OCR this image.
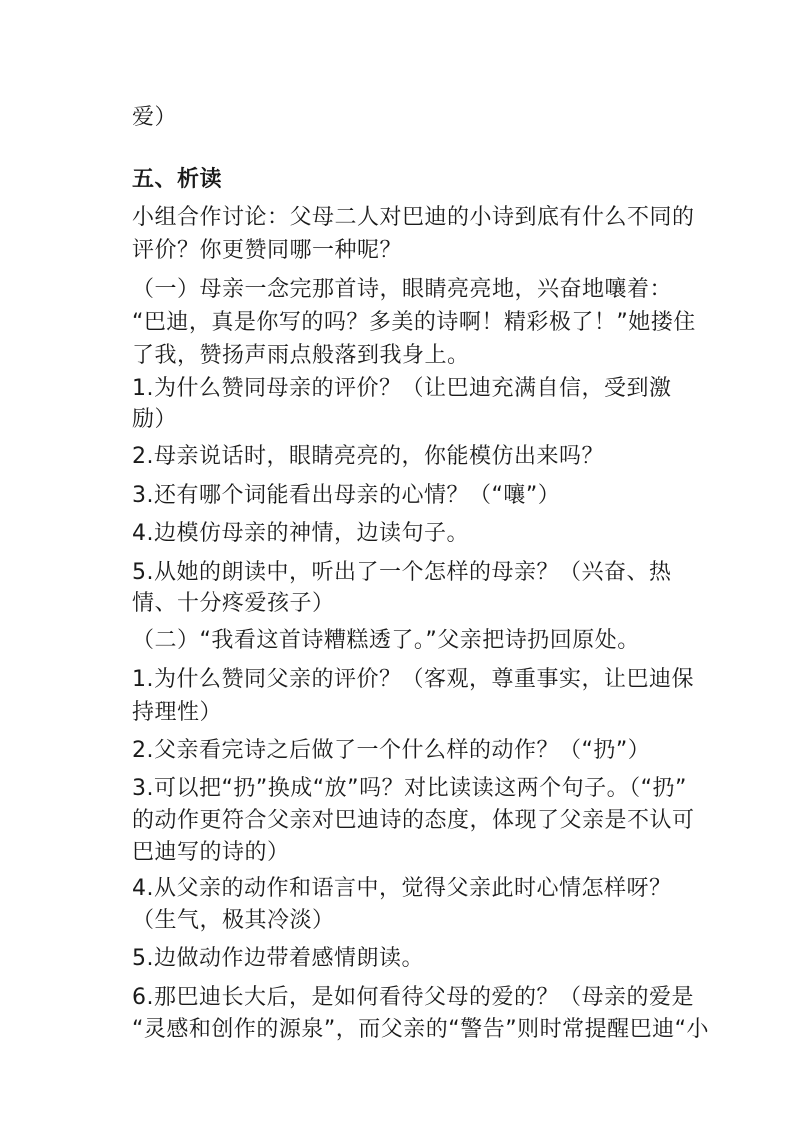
爱）
五、析读
小组合作讨论：父母二人对巴迪的小诗到底有什么不同的
评价？你更赞同哪一种呢？
（一）母亲一念完那首诗，眼睛亮亮地，兴奋地嚷着：
“巴迪，真是你写的吗？多美的诗啊！精彩极了！”她搂住
了我，赞扬声雨点般落到我身上。
1.为什么赞同母亲的评价？（让巴迪充满自信，受到激
励）
2.母亲说话时，眼睛亮亮的，你能模仿出来吗？
3.还有哪个词能看出母亲的心情？（“嚷”）
4.边模仿母亲的神情，边读句子。
5.从她的朗读中，听出了一个怎样的母亲？（兴奋、热
情、十分疼爱孩子）
（二）“我看这首诗糟糕透了。”父亲把诗扔回原处。
1.为什么赞同父亲的评价？（客观，尊重事实，让巴迪保
持理性）
2.父亲看完诗之后做了一个什么样的动作？（“扔”）
3.可以把“扔”换成“放”吗？对比读读这两个句子。（“扔”
的动作更符合父亲对巴迪诗的态度，体现了父亲是不认可
巴迪写的诗的）
4.从父亲的动作和语言中，觉得父亲此时心情怎样呀？
（生气，极其冷淡）
5.边做动作边带着感情朗读。
6.那巴迪长大后，是如何看待父母的爱的？（母亲的爱是
“灵感和创作的源泉”，而父亲的“警告”则时常提醒巴迪“小
